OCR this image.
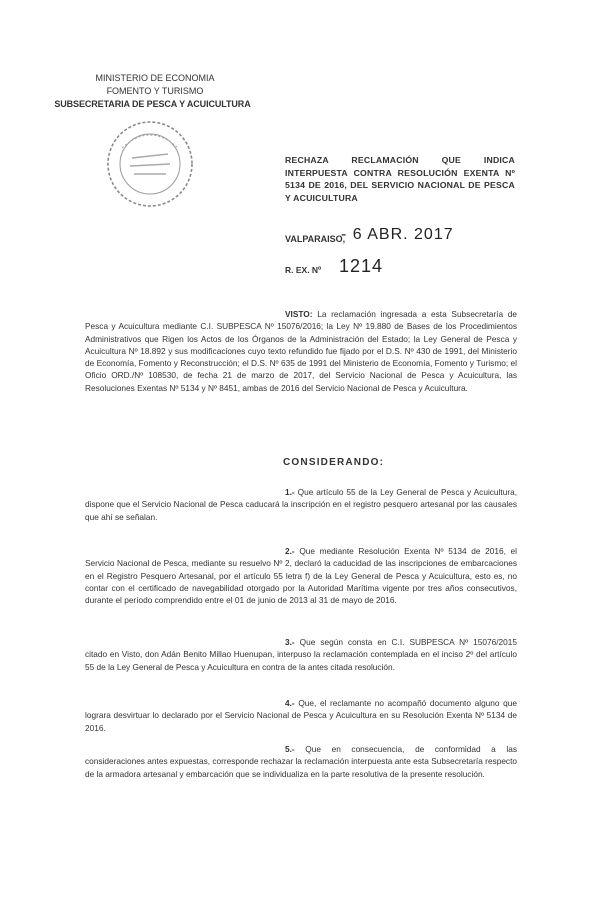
MINISTERIO DE ECONOMIA
FOMENTO Y TURISMO
SUBSECRETARIA DE PESCA Y ACUICULTURA
RECHAZA RECLAMACIÓN QUE INDICA INTERPUESTA CONTRA RESOLUCIÓN EXENTA Nº 5134 DE 2016, DEL SERVICIO NACIONAL DE PESCA Y ACUICULTURA
VALPARAISO,
- 6 ABR. 2017
R. EX. Nº 1214
VISTO: La reclamación ingresada a esta Subsecretaría de Pesca y Acuicultura mediante C.I. SUBPESCA Nº 15076/2016; la Ley Nº 19.880 de Bases de los Procedimientos Administrativos que Rigen los Actos de los Órganos de la Administración del Estado; la Ley General de Pesca y Acuicultura Nº 18.892 y sus modificaciones cuyo texto refundido fue fijado por el D.S. Nº 430 de 1991, del Ministerio de Economía, Fomento y Reconstrucción; el D.S. Nº 635 de 1991 del Ministerio de Economía, Fomento y Turismo; el Oficio ORD./Nº 108530, de fecha 21 de marzo de 2017, del Servicio Nacional de Pesca y Acuicultura, las Resoluciones Exentas Nº 5134 y Nº 8451, ambas de 2016 del Servicio Nacional de Pesca y Acuicultura.
CONSIDERANDO:
1.- Que artículo 55 de la Ley General de Pesca y Acuicultura, dispone que el Servicio Nacional de Pesca caducará la inscripción en el registro pesquero artesanal por las causales que ahí se señalan.
2.- Que mediante Resolución Exenta Nº 5134 de 2016, el Servicio Nacional de Pesca, mediante su resuelvo Nº 2, declaró la caducidad de las inscripciones de embarcaciones en el Registro Pesquero Artesanal, por el artículo 55 letra f) de la Ley General de Pesca y Acuicultura, esto es, no contar con el certificado de navegabilidad otorgado por la Autoridad Marítima vigente por tres años consecutivos, durante el período comprendido entre el 01 de junio de 2013 al 31 de mayo de 2016.
3.- Que según consta en C.I. SUBPESCA Nº 15076/2015 citado en Visto, don Adán Benito Millao Huenupan, interpuso la reclamación contemplada en el inciso 2º del artículo 55 de la Ley General de Pesca y Acuicultura en contra de la antes citada resolución.
4.- Que, el reclamante no acompañó documento alguno que lograra desvirtuar lo declarado por el Servicio Nacional de Pesca y Acuicultura en su Resolución Exenta Nº 5134 de 2016.
5.- Que en consecuencia, de conformidad a las consideraciones antes expuestas, corresponde rechazar la reclamación interpuesta ante esta Subsecretaría respecto de la armadora artesanal y embarcación que se individualiza en la parte resolutiva de la presente resolución.
